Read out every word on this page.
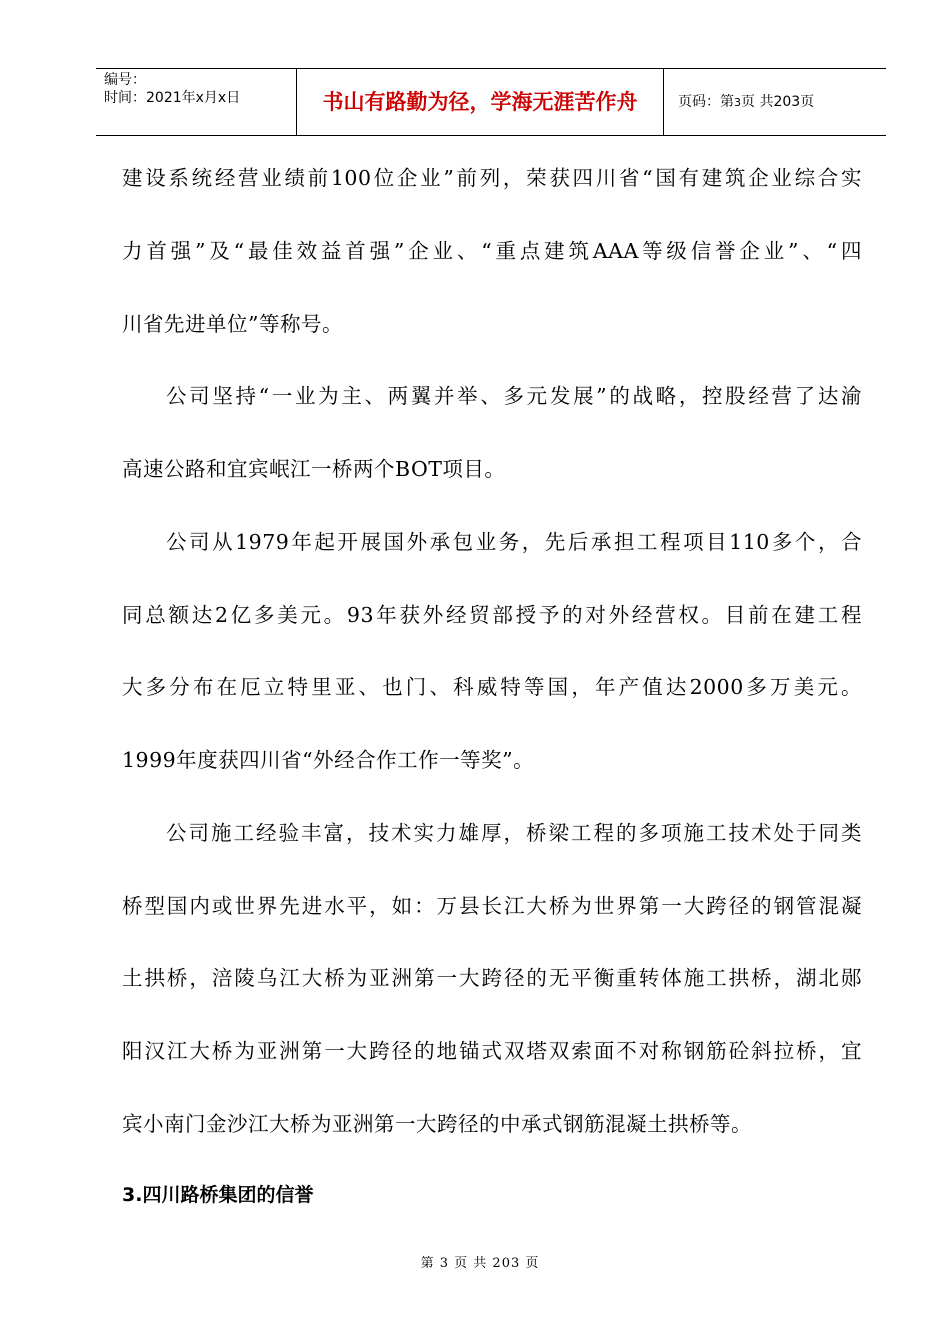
编号：
时间：2021年x月x日	书山有路勤为径，学海无涯苦作舟	页码：第3页 共203页
建设系统经营业绩前100位企业”前列，荣获四川省“国有建筑企业综合实
力首强”及“最佳效益首强”企业、“重点建筑AAA等级信誉企业”、“四
川省先进单位”等称号。
公司坚持“一业为主、两翼并举、多元发展”的战略，控股经营了达渝
高速公路和宜宾岷江一桥两个BOT项目。
公司从1979年起开展国外承包业务，先后承担工程项目110多个，合
同总额达2亿多美元。93年获外经贸部授予的对外经营权。目前在建工程
大多分布在厄立特里亚、也门、科威特等国，年产值达2000多万美元。
1999年度获四川省“外经合作工作一等奖”。
公司施工经验丰富，技术实力雄厚，桥梁工程的多项施工技术处于同类
桥型国内或世界先进水平，如：万县长江大桥为世界第一大跨径的钢管混凝
土拱桥，涪陵乌江大桥为亚洲第一大跨径的无平衡重转体施工拱桥，湖北郧
阳汉江大桥为亚洲第一大跨径的地锚式双塔双索面不对称钢筋砼斜拉桥，宜
宾小南门金沙江大桥为亚洲第一大跨径的中承式钢筋混凝土拱桥等。
3.四川路桥集团的信誉
第 3 页 共 203 页
